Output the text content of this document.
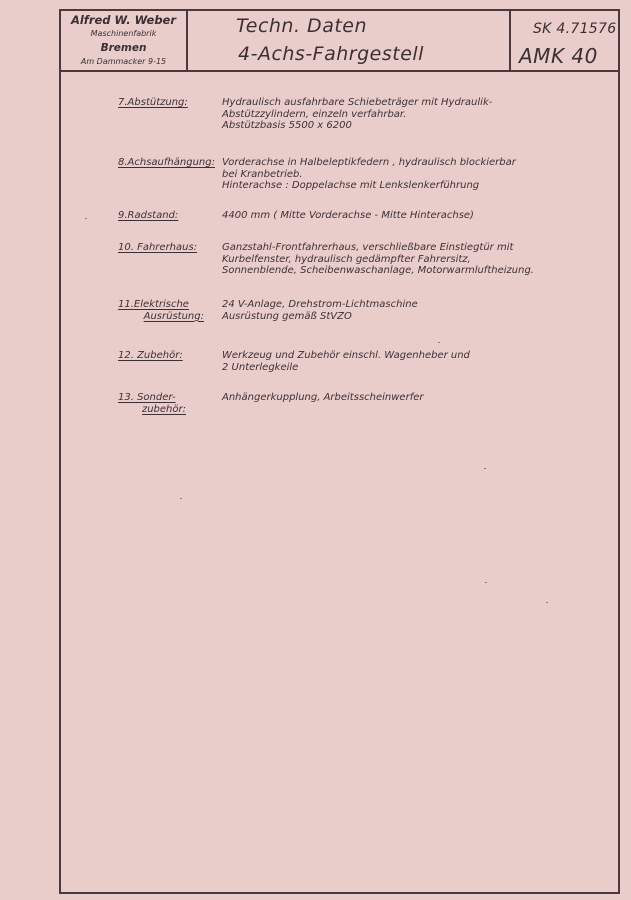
Alfred W. Weber
Maschinenfabrik
Bremen
Am Dammacker 9-15
Techn. Daten
4-Achs-Fahrgestell
SK 4.71576
AMK 40
7.Abstützung:	Hydraulisch ausfahrbare Schiebeträger mit Hydraulik-
Abstützzylindern, einzeln verfahrbar.
Abstützbasis 5500 x 6200
8.Achsaufhängung: Vorderachse in Halbeleptikfedern , hydraulisch blockierbar
bei Kranbetrieb.
Hinterachse : Doppelachse mit Lenkslenkerführung
9.Radstand:	4400 mm ( Mitte Vorderachse - Mitte Hinterachse)
10. Fahrerhaus:	Ganzstahl-Frontfahrerhaus, verschließbare Einstiegtür mit
Kurbelfenster, hydraulisch gedämpfter Fahrersitz,
Sonnenblende, Scheibenwaschanlage, Motorwarmluftheizung.
11.Elektrische
Ausrüstung:
24 V-Anlage, Drehstrom-Lichtmaschine
Ausrüstung gemäß StVZO
12. Zubehör:	Werkzeug und Zubehör einschl. Wagenheber und
2 Unterlegkeile
13. Sonder-
zubehör:
Anhängerkupplung, Arbeitsscheinwerfer
